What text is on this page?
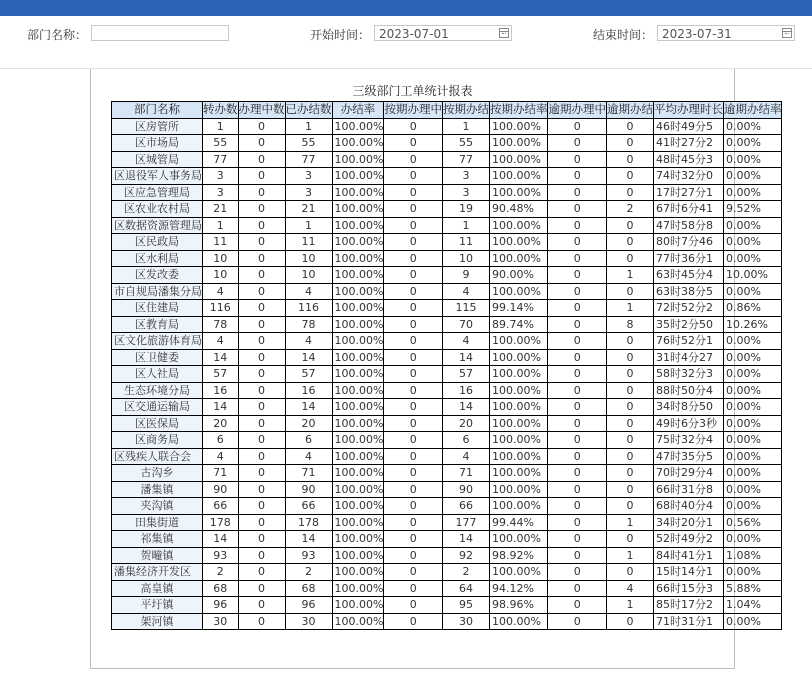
部门名称：	开始时间： 2023-07-01	结束时间： 2023-07-31
三级部门工单统计报表
部门名称	转办数	办理中数	已办结数	办结率	按期办理中	按期办结	按期办结率	逾期办理中	逾期办结	平均办理时长	逾期办结率
区房管所	1	0	1	100.00%	0	1	100.00%	0	0	46时49分5	0.00%
区市场局	55	0	55	100.00%	0	55	100.00%	0	0	41时27分2	0.00%
区城管局	77	0	77	100.00%	0	77	100.00%	0	0	48时45分3	0.00%
区退役军人事务局	3	0	3	100.00%	0	3	100.00%	0	0	74时32分0	0.00%
区应急管理局	3	0	3	100.00%	0	3	100.00%	0	0	17时27分1	0.00%
区农业农村局	21	0	21	100.00%	0	19	90.48%	0	2	67时6分41	9.52%
区数据资源管理局	1	0	1	100.00%	0	1	100.00%	0	0	47时58分8	0.00%
区民政局	11	0	11	100.00%	0	11	100.00%	0	0	80时7分46	0.00%
区水利局	10	0	10	100.00%	0	10	100.00%	0	0	77时36分1	0.00%
区发改委	10	0	10	100.00%	0	9	90.00%	0	1	63时45分4	10.00%
市自规局潘集分局	4	0	4	100.00%	0	4	100.00%	0	0	63时38分5	0.00%
区住建局	116	0	116	100.00%	0	115	99.14%	0	1	72时52分2	0.86%
区教育局	78	0	78	100.00%	0	70	89.74%	0	8	35时2分50	10.26%
区文化旅游体育局	4	0	4	100.00%	0	4	100.00%	0	0	76时52分1	0.00%
区卫健委	14	0	14	100.00%	0	14	100.00%	0	0	31时4分27	0.00%
区人社局	57	0	57	100.00%	0	57	100.00%	0	0	58时32分3	0.00%
生态环境分局	16	0	16	100.00%	0	16	100.00%	0	0	88时50分4	0.00%
区交通运输局	14	0	14	100.00%	0	14	100.00%	0	0	34时8分50	0.00%
区医保局	20	0	20	100.00%	0	20	100.00%	0	0	49时6分3秒	0.00%
区商务局	6	0	6	100.00%	0	6	100.00%	0	0	75时32分4	0.00%
区残疾人联合会	4	0	4	100.00%	0	4	100.00%	0	0	47时35分5	0.00%
古沟乡	71	0	71	100.00%	0	71	100.00%	0	0	70时29分4	0.00%
潘集镇	90	0	90	100.00%	0	90	100.00%	0	0	66时31分8	0.00%
夹沟镇	66	0	66	100.00%	0	66	100.00%	0	0	68时40分4	0.00%
田集街道	178	0	178	100.00%	0	177	99.44%	0	1	34时20分1	0.56%
祁集镇	14	0	14	100.00%	0	14	100.00%	0	0	52时49分2	0.00%
贺疃镇	93	0	93	100.00%	0	92	98.92%	0	1	84时41分1	1.08%
潘集经济开发区	2	0	2	100.00%	0	2	100.00%	0	0	15时14分1	0.00%
高皇镇	68	0	68	100.00%	0	64	94.12%	0	4	66时15分3	5.88%
平圩镇	96	0	96	100.00%	0	95	98.96%	0	1	85时17分2	1.04%
架河镇	30	0	30	100.00%	0	30	100.00%	0	0	71时31分1	0.00%
